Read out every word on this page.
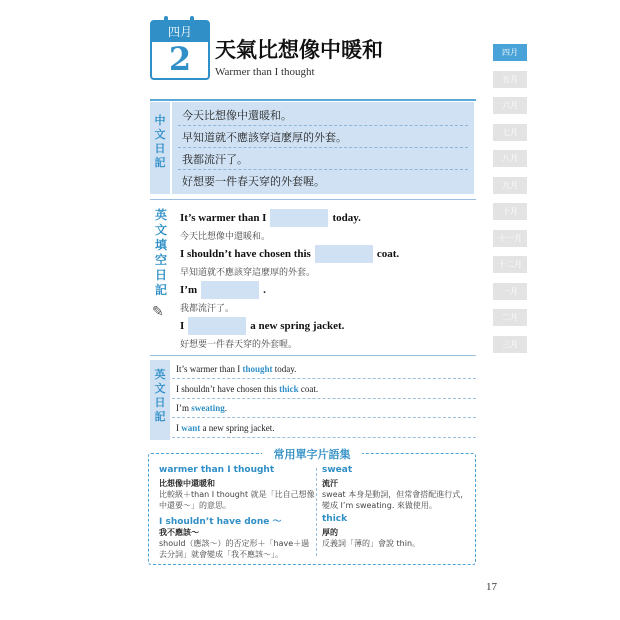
四月
2	天氣比想像中暖和
Warmer than I thought
四月
五月
六月
七月
八月
九月
十月
十一月
十二月
一月
二月
三月
中
文
日
記
今天比想像中還暖和。
早知道就不應該穿這麼厚的外套。
我都流汗了。
好想要一件春天穿的外套喔。
英
文
填
空
日
記
✎
It’s warmer than I	today.
今天比想像中還暖和。
I shouldn’t have chosen this	coat.
早知道就不應該穿這麼厚的外套。
I’m	.
我都流汗了。
I	a new spring jacket.
好想要一件春天穿的外套喔。
英
文
日
記
It’s warmer than I thought today.
I shouldn’t have chosen this thick coat.
I’m sweating.
I want a new spring jacket.
常用單字片語集
warmer than I thought
比想像中還暖和
比較級＋than I thought 就是「比自己想像中還要～」的意思。
I shouldn’t have done ～
我不應該～
should（應該～）的否定形＋「have＋過去分詞」就會變成「我不應該～」。
sweat
流汗
sweat 本身是動詞，但常會搭配進行式，變成 I’m sweating. 來做使用。
thick
厚的
反義詞「薄的」會說 thin。
17
